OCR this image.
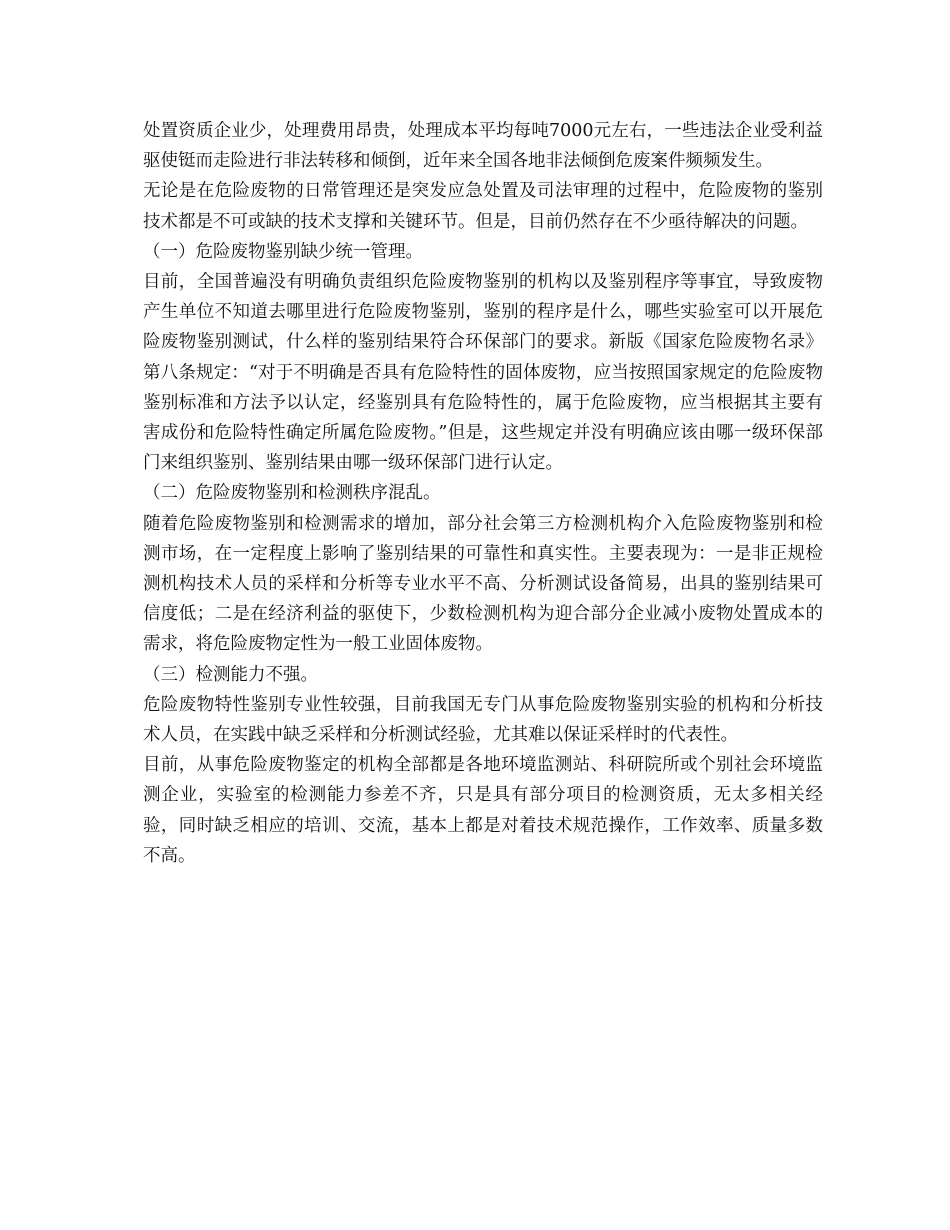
处置资质企业少，处理费用昂贵，处理成本平均每吨7000元左右，一些违法企业受利益驱使铤而走险进行非法转移和倾倒，近年来全国各地非法倾倒危废案件频频发生。

无论是在危险废物的日常管理还是突发应急处置及司法审理的过程中，危险废物的鉴别技术都是不可或缺的技术支撑和关键环节。但是，目前仍然存在不少亟待解决的问题。

（一）危险废物鉴别缺少统一管理。

目前，全国普遍没有明确负责组织危险废物鉴别的机构以及鉴别程序等事宜，导致废物产生单位不知道去哪里进行危险废物鉴别，鉴别的程序是什么，哪些实验室可以开展危险废物鉴别测试，什么样的鉴别结果符合环保部门的要求。新版《国家危险废物名录》第八条规定：“对于不明确是否具有危险特性的固体废物，应当按照国家规定的危险废物鉴别标准和方法予以认定，经鉴别具有危险特性的，属于危险废物，应当根据其主要有害成份和危险特性确定所属危险废物。”但是，这些规定并没有明确应该由哪一级环保部门来组织鉴别、鉴别结果由哪一级环保部门进行认定。

（二）危险废物鉴别和检测秩序混乱。

随着危险废物鉴别和检测需求的增加，部分社会第三方检测机构介入危险废物鉴别和检测市场，在一定程度上影响了鉴别结果的可靠性和真实性。主要表现为：一是非正规检测机构技术人员的采样和分析等专业水平不高、分析测试设备简易，出具的鉴别结果可信度低；二是在经济利益的驱使下，少数检测机构为迎合部分企业减小废物处置成本的需求，将危险废物定性为一般工业固体废物。

（三）检测能力不强。

危险废物特性鉴别专业性较强，目前我国无专门从事危险废物鉴别实验的机构和分析技术人员，在实践中缺乏采样和分析测试经验，尤其难以保证采样时的代表性。

目前，从事危险废物鉴定的机构全部都是各地环境监测站、科研院所或个别社会环境监测企业，实验室的检测能力参差不齐，只是具有部分项目的检测资质，无太多相关经验，同时缺乏相应的培训、交流，基本上都是对着技术规范操作，工作效率、质量多数不高。
